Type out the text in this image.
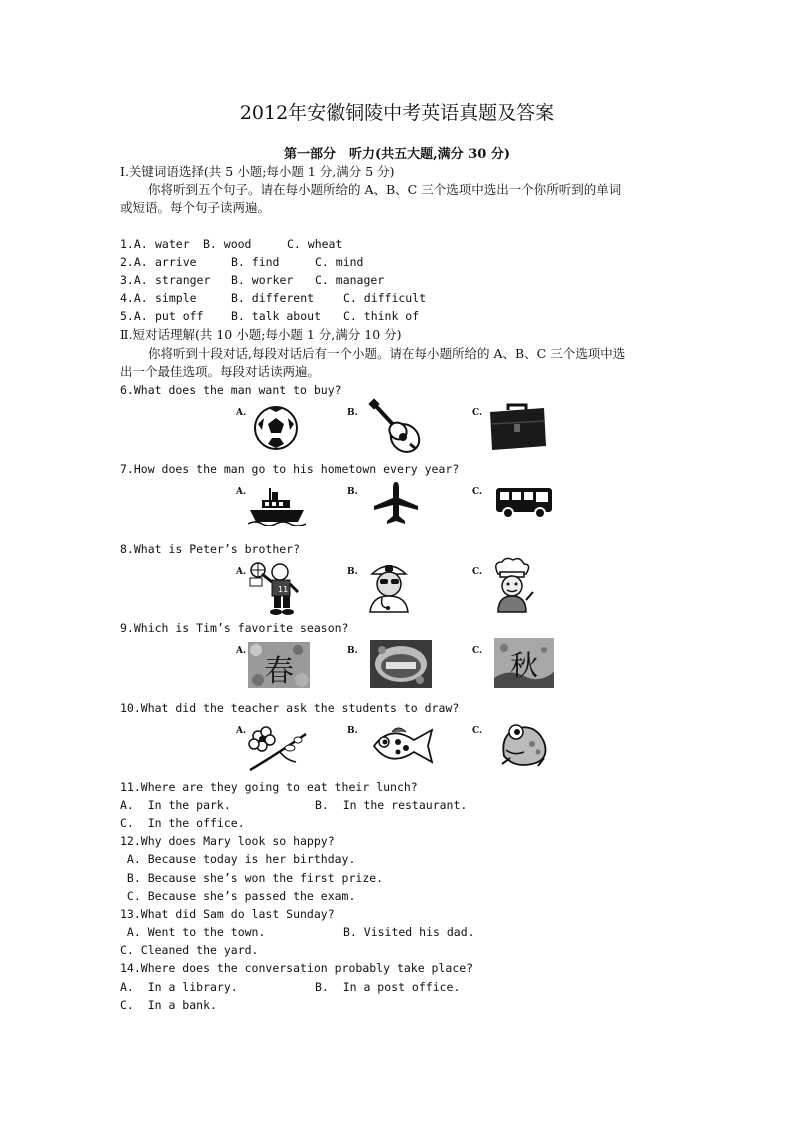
2012年安徽铜陵中考英语真题及答案
第一部分　听力(共五大题,满分 30 分)
Ⅰ.关键词语选择(共 5 小题;每小题 1 分,满分 5 分)
你将听到五个句子。请在每小题所给的 A、B、C 三个选项中选出一个你所听到的单词
或短语。每个句子读两遍。
1.A. water B. wood	C. wheat
2.A. arrive	B. find	C. mind
3.A. stranger B. worker C. manager
4.A. simple	B. different	C. difficult
5.A. put off B. talk about C. think of
Ⅱ.短对话理解(共 10 小题;每小题 1 分,满分 10 分)
你将听到十段对话,每段对话后有一个小题。请在每小题所给的 A、B、C 三个选项中选
出一个最佳选项。每段对话读两遍。
6.What does the man want to buy?
A.	B.	C.
7.How does the man go to his hometown every year?
A.	B.	C.
8.What is Peter’s brother?
A.	B.	C.
11
9.Which is Tim’s favorite season?
A.	B.	C.
春	秋
10.What did the teacher ask the students to draw?
A.	B.	C.
11.Where are they going to eat their lunch?
A.  In the park.	B.  In the restaurant.
C.  In the office.
12.Why does Mary look so happy?
A. Because today is her birthday.
B. Because she’s won the first prize.
C. Because she’s passed the exam.
13.What did Sam do last Sunday?
A. Went to the town.	B. Visited his dad.
C. Cleaned the yard.
14.Where does the conversation probably take place?
A.  In a library.	B.  In a post office.
C.  In a bank.
